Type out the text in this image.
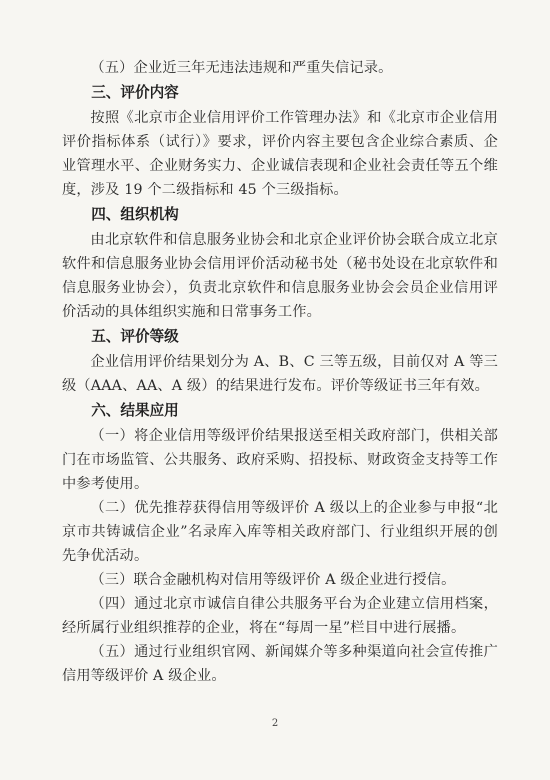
（五）企业近三年无违法违规和严重失信记录。

三、评价内容

按照《北京市企业信用评价工作管理办法》和《北京市企业信用评价指标体系（试行）》要求，评价内容主要包含企业综合素质、企业管理水平、企业财务实力、企业诚信表现和企业社会责任等五个维度，涉及 19 个二级指标和 45 个三级指标。

四、组织机构

由北京软件和信息服务业协会和北京企业评价协会联合成立北京软件和信息服务业协会信用评价活动秘书处（秘书处设在北京软件和信息服务业协会），负责北京软件和信息服务业协会会员企业信用评价活动的具体组织实施和日常事务工作。

五、评价等级

企业信用评价结果划分为 A、B、C 三等五级，目前仅对 A 等三级（AAA、AA、A 级）的结果进行发布。评价等级证书三年有效。

六、结果应用

（一）将企业信用等级评价结果报送至相关政府部门，供相关部门在市场监管、公共服务、政府采购、招投标、财政资金支持等工作中参考使用。

（二）优先推荐获得信用等级评价 A 级以上的企业参与申报“北京市共铸诚信企业”名录库入库等相关政府部门、行业组织开展的创先争优活动。

（三）联合金融机构对信用等级评价 A 级企业进行授信。

（四）通过北京市诚信自律公共服务平台为企业建立信用档案，经所属行业组织推荐的企业，将在“每周一星”栏目中进行展播。

（五）通过行业组织官网、新闻媒介等多种渠道向社会宣传推广信用等级评价 A 级企业。

2
